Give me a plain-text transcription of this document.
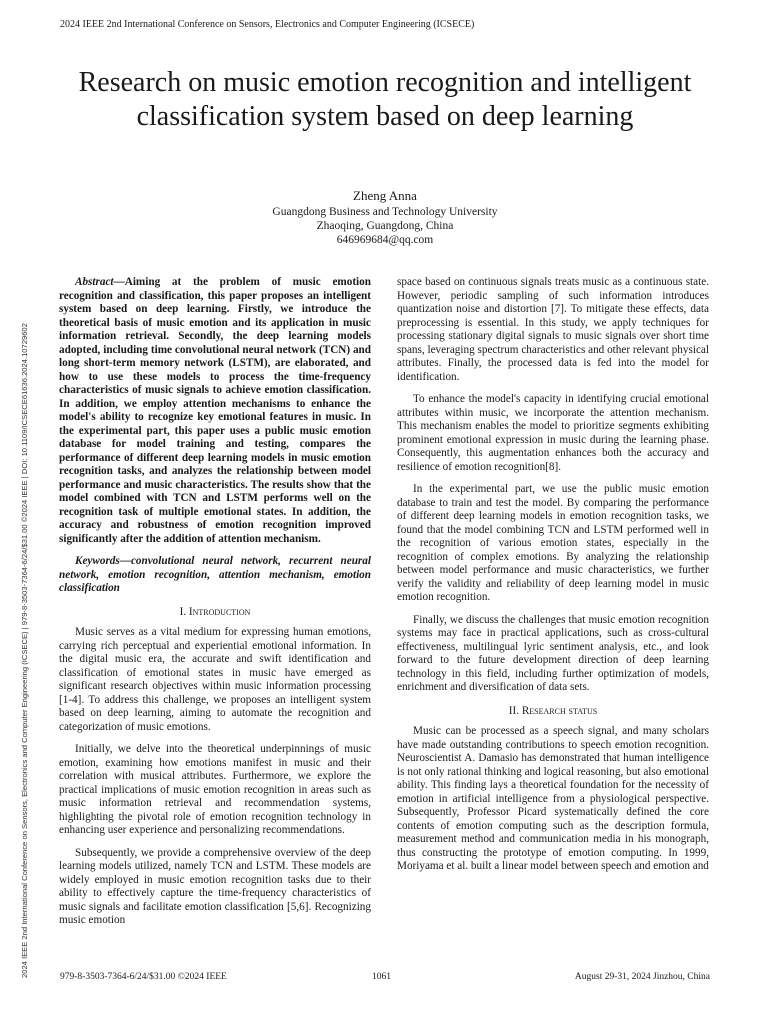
2024 IEEE 2nd International Conference on Sensors, Electronics and Computer Engineering (ICSECE)
2024 IEEE 2nd International Conference on Sensors, Electronics and Computer Engineering (ICSECE) | 979-8-3503-7364-6/24/$31.00 ©2024 IEEE | DOI: 10.1109/ICSECE61636.2024.10729602
Research on music emotion recognition and intelligent classification system based on deep learning
Zheng Anna
Guangdong Business and Technology University
Zhaoqing, Guangdong, China
646969684@qq.com

Abstract—Aiming at the problem of music emotion recognition and classification, this paper proposes an intelligent system based on deep learning. Firstly, we introduce the theoretical basis of music emotion and its application in music information retrieval. Secondly, the deep learning models adopted, including time convolutional neural network (TCN) and long short-term memory network (LSTM), are elaborated, and how to use these models to process the time-frequency characteristics of music signals to achieve emotion classification. In addition, we employ attention mechanisms to enhance the model's ability to recognize key emotional features in music. In the experimental part, this paper uses a public music emotion database for model training and testing, compares the performance of different deep learning models in music emotion recognition tasks, and analyzes the relationship between model performance and music characteristics. The results show that the model combined with TCN and LSTM performs well on the recognition task of multiple emotional states. In addition, the accuracy and robustness of emotion recognition improved significantly after the addition of attention mechanism.

Keywords—convolutional neural network, recurrent neural network, emotion recognition, attention mechanism, emotion classification

I. Introduction

Music serves as a vital medium for expressing human emotions, carrying rich perceptual and experiential emotional information. In the digital music era, the accurate and swift identification and classification of emotional states in music have emerged as significant research objectives within music information processing [1-4]. To address this challenge, we proposes an intelligent system based on deep learning, aiming to automate the recognition and categorization of music emotions.

Initially, we delve into the theoretical underpinnings of music emotion, examining how emotions manifest in music and their correlation with musical attributes. Furthermore, we explore the practical implications of music emotion recognition in areas such as music information retrieval and recommendation systems, highlighting the pivotal role of emotion recognition technology in enhancing user experience and personalizing recommendations.

Subsequently, we provide a comprehensive overview of the deep learning models utilized, namely TCN and LSTM. These models are widely employed in music emotion recognition tasks due to their ability to effectively capture the time-frequency characteristics of music signals and facilitate emotion classification [5,6]. Recognizing music emotion

space based on continuous signals treats music as a continuous state. However, periodic sampling of such information introduces quantization noise and distortion [7]. To mitigate these effects, data preprocessing is essential. In this study, we apply techniques for processing stationary digital signals to music signals over short time spans, leveraging spectrum characteristics and other relevant physical attributes. Finally, the processed data is fed into the model for identification.

To enhance the model's capacity in identifying crucial emotional attributes within music, we incorporate the attention mechanism. This mechanism enables the model to prioritize segments exhibiting prominent emotional expression in music during the learning phase. Consequently, this augmentation enhances both the accuracy and resilience of emotion recognition[8].

In the experimental part, we use the public music emotion database to train and test the model. By comparing the performance of different deep learning models in emotion recognition tasks, we found that the model combining TCN and LSTM performed well in the recognition of various emotion states, especially in the recognition of complex emotions. By analyzing the relationship between model performance and music characteristics, we further verify the validity and reliability of deep learning model in music emotion recognition.

Finally, we discuss the challenges that music emotion recognition systems may face in practical applications, such as cross-cultural effectiveness, multilingual lyric sentiment analysis, etc., and look forward to the future development direction of deep learning technology in this field, including further optimization of models, enrichment and diversification of data sets.

II. Research status

Music can be processed as a speech signal, and many scholars have made outstanding contributions to speech emotion recognition. Neuroscientist A. Damasio has demonstrated that human intelligence is not only rational thinking and logical reasoning, but also emotional ability. This finding lays a theoretical foundation for the necessity of emotion in artificial intelligence from a physiological perspective. Subsequently, Professor Picard systematically defined the core contents of emotion computing such as the description formula, measurement method and communication media in his monograph, thus constructing the prototype of emotion computing. In 1999, Moriyama et al. built a linear model between speech and emotion and

979-8-3503-7364-6/24/$31.00 ©2024 IEEE	1061	August 29-31, 2024 Jinzhou, China
